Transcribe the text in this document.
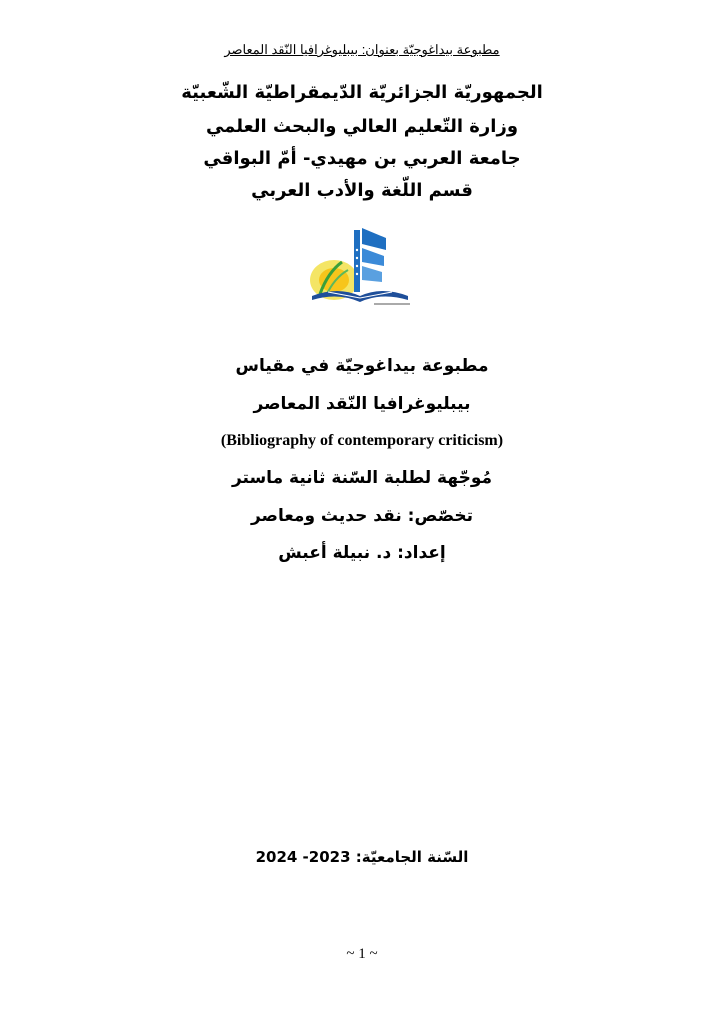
مطبوعة بيداغوجيّة بعنوان: بيبليوغرافيا النّقد المعاصر
الجمهوريّة الجزائريّة الدّيمقراطيّة الشّعبيّة
وزارة التّعليم العالي والبحث العلمي
جامعة العربي بن مهيدي- أمّ البواقي
قسم اللّغة والأدب العربي
مطبوعة بيداغوجيّة في مقياس
بيبليوغرافيا النّقد المعاصر
(Bibliography of contemporary criticism)
مُوجّهة لطلبة السّنة ثانية ماستر
تخصّص: نقد حديث ومعاصر
إعداد: د. نبيلة أعبش
السّنة الجامعيّة: 2023- 2024
~ 1 ~
